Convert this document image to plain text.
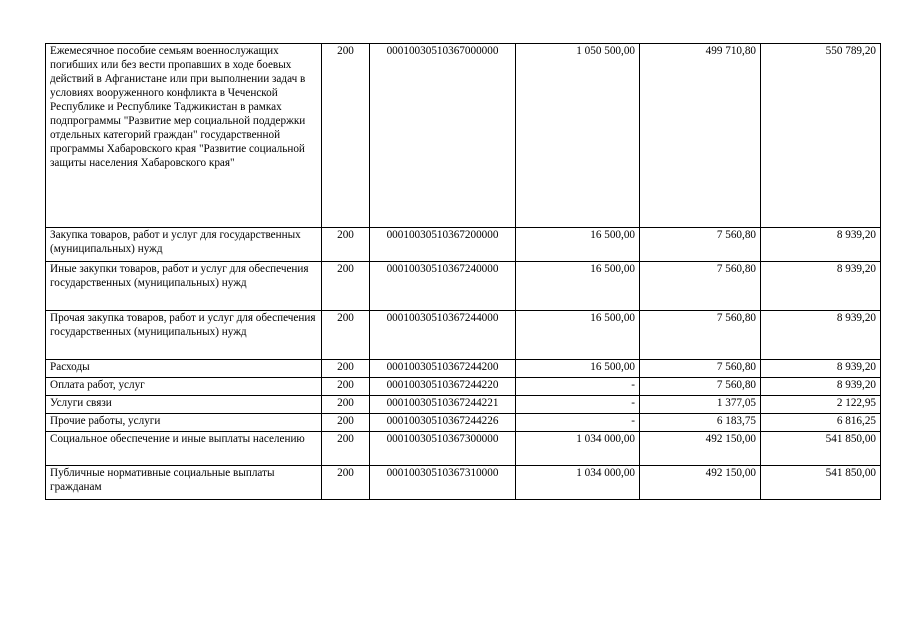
Ежемесячное пособие семьям военнослужащих погибших или без вести пропавших в ходе боевых действий в Афганистане или при выполнении задач в условиях вооруженного конфликта в Чеченской Республике и Республике Таджикистан в рамках подпрограммы "Развитие мер социальной поддержки отдельных категорий граждан" государственной программы Хабаровского края "Развитие социальной защиты населения Хабаровского края"	200	00010030510367000000	1 050 500,00	499 710,80	550 789,20
Закупка товаров, работ и услуг для государственных (муниципальных) нужд	200	00010030510367200000	16 500,00	7 560,80	8 939,20
Иные закупки товаров, работ и услуг для обеспечения государственных (муниципальных) нужд	200	00010030510367240000	16 500,00	7 560,80	8 939,20
Прочая закупка товаров, работ и услуг для обеспечения государственных (муниципальных) нужд	200	00010030510367244000	16 500,00	7 560,80	8 939,20
Расходы	200	00010030510367244200	16 500,00	7 560,80	8 939,20
Оплата работ, услуг	200	00010030510367244220	-	7 560,80	8 939,20
Услуги связи	200	00010030510367244221	-	1 377,05	2 122,95
Прочие работы, услуги	200	00010030510367244226	-	6 183,75	6 816,25
Социальное обеспечение и иные выплаты населению	200	00010030510367300000	1 034 000,00	492 150,00	541 850,00
Публичные нормативные социальные выплаты гражданам	200	00010030510367310000	1 034 000,00	492 150,00	541 850,00
